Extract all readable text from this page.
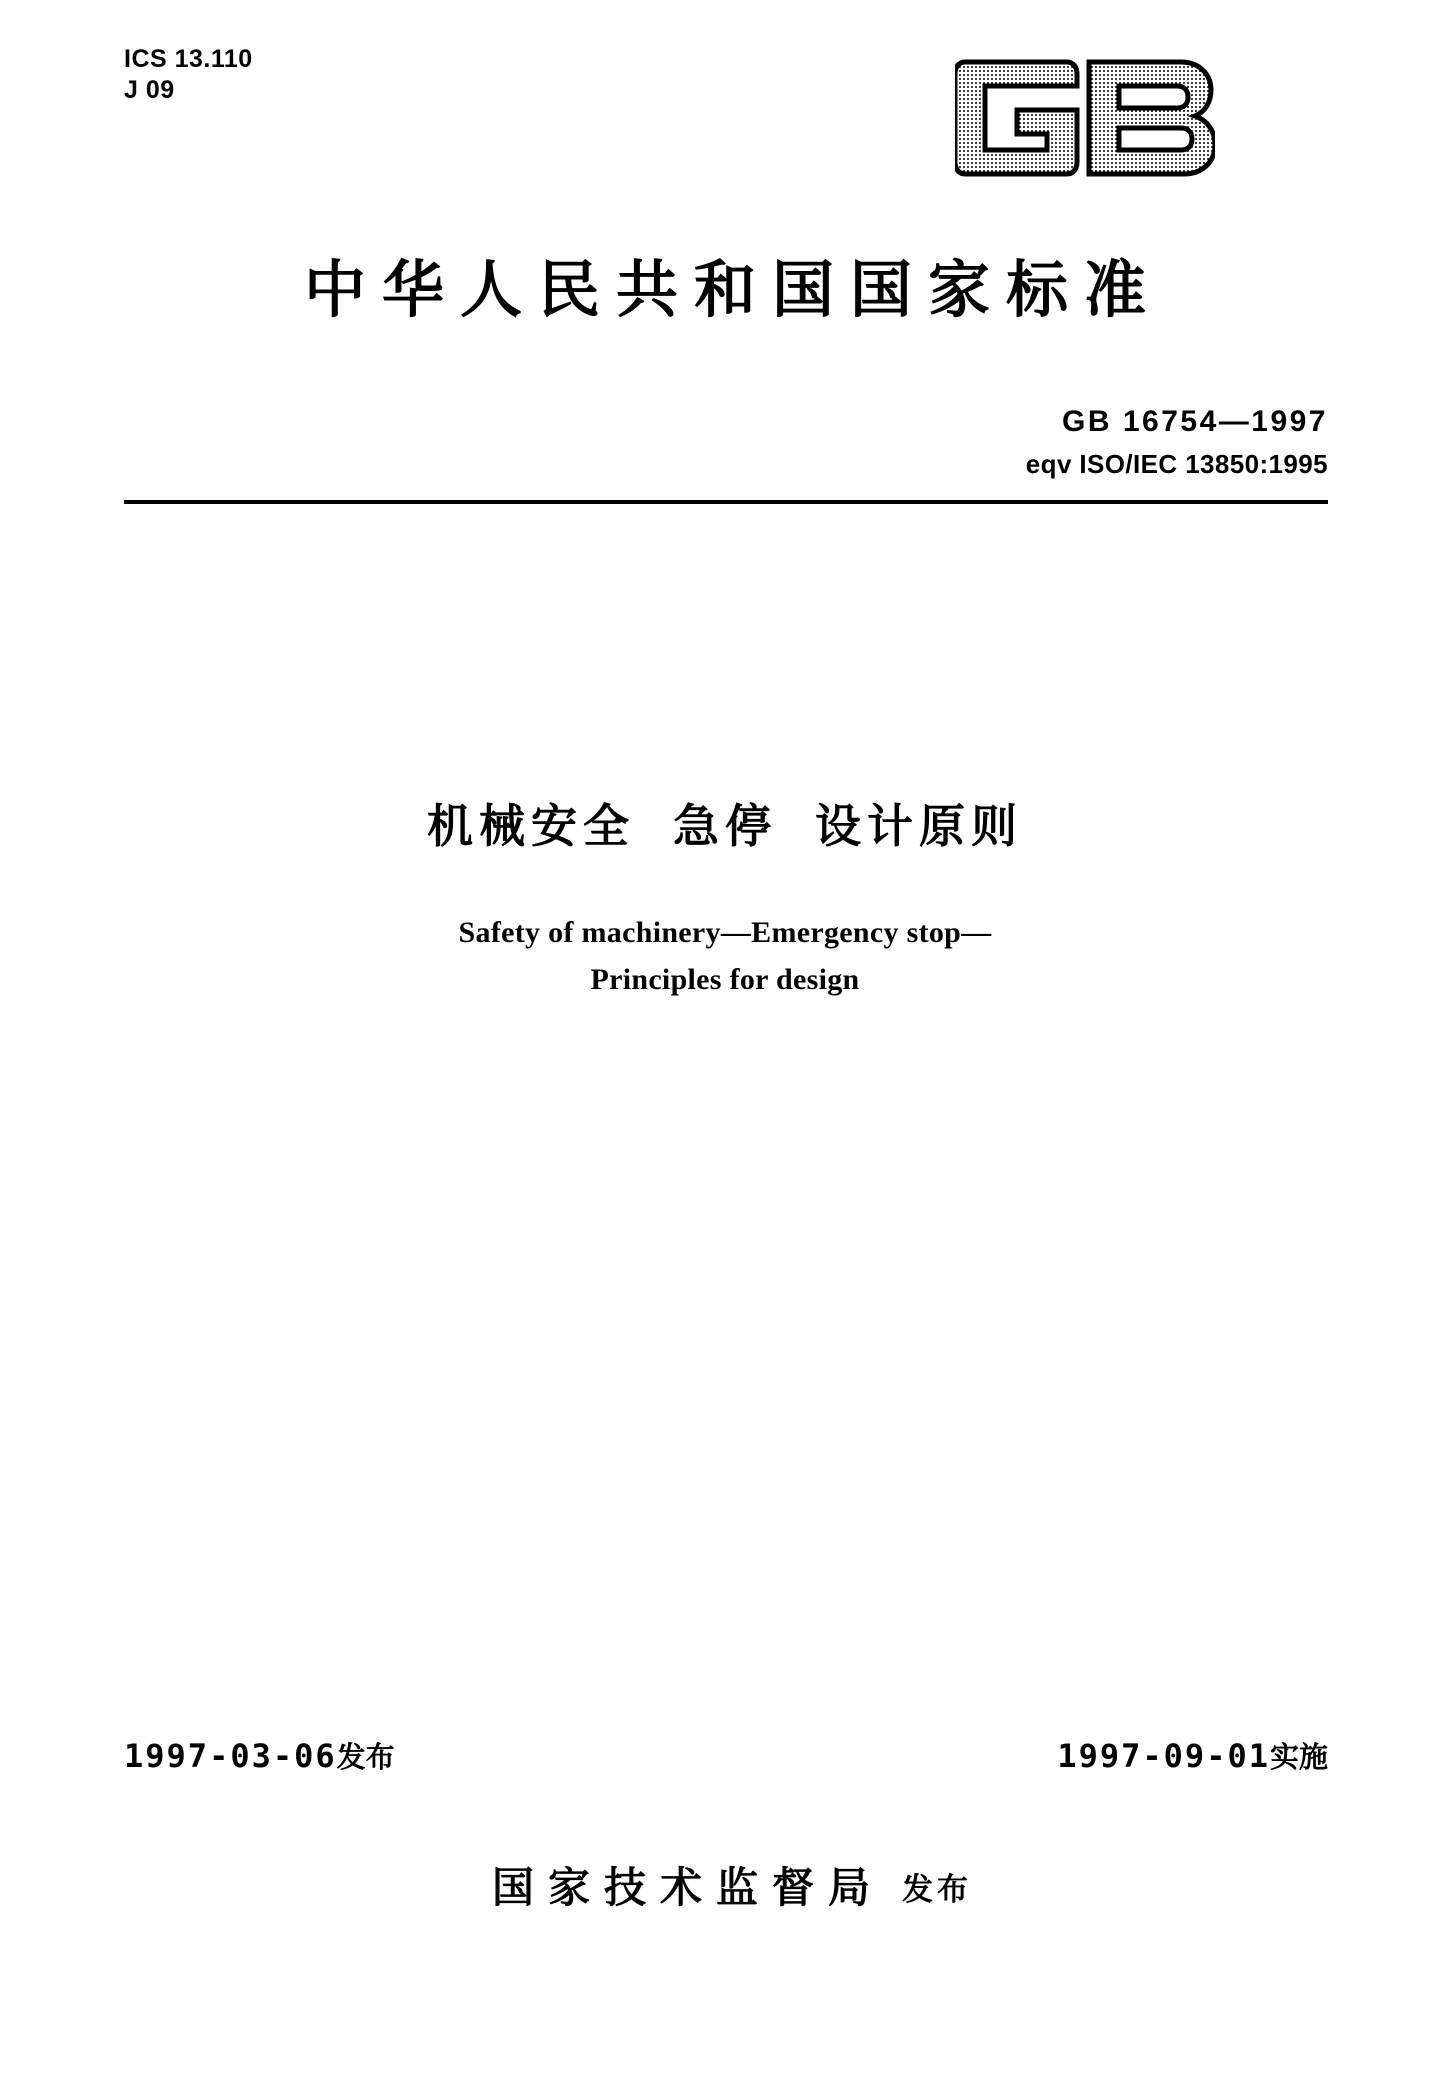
ICS 13.110
J 09
中华人民共和国国家标准
GB 16754—1997
eqv ISO/IEC 13850:1995
机械安全 急停 设计原则
Safety of machinery—Emergency stop—
Principles for design
1997-03-06发布	1997-09-01实施
国家技术监督局 发布
